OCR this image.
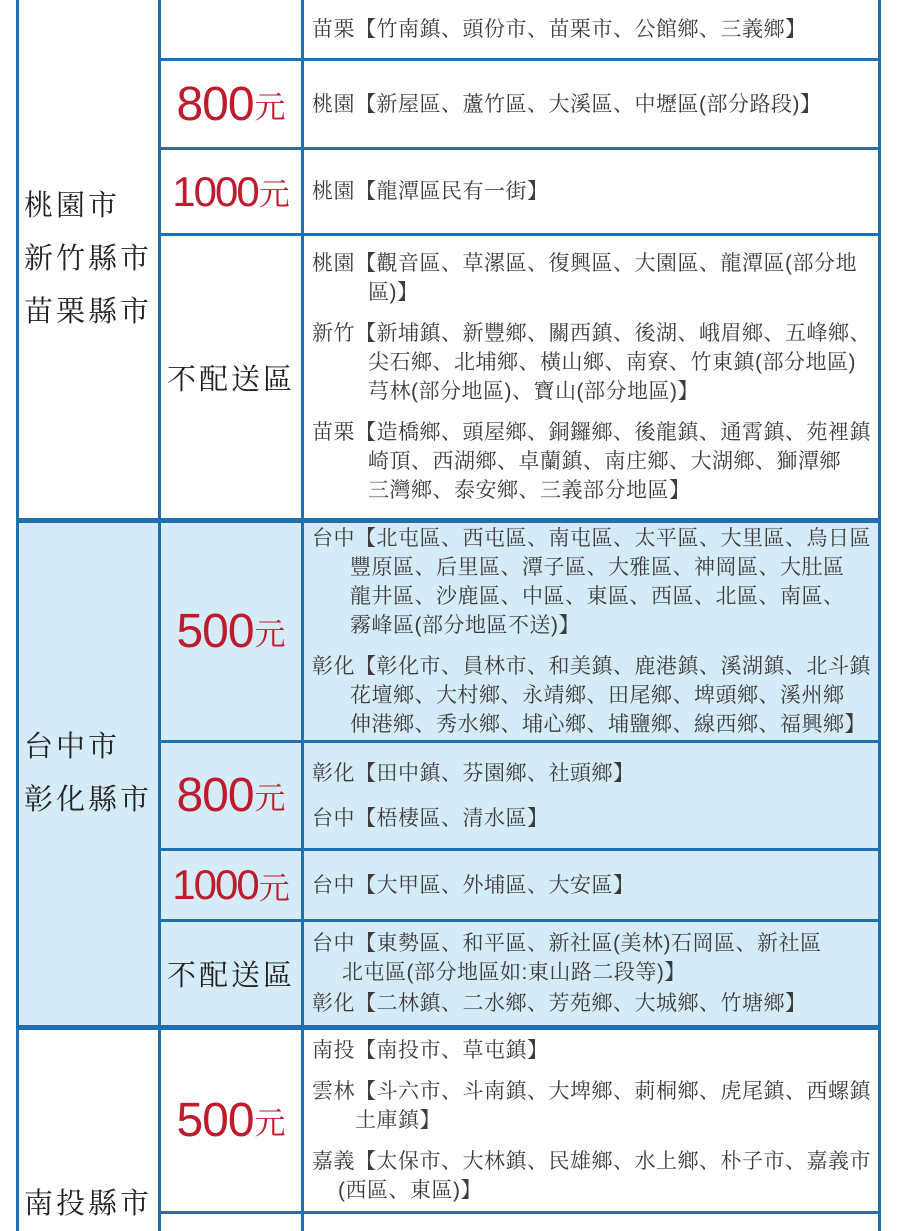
桃園市
新竹縣市
苗栗縣市
苗栗【竹南鎮、頭份市、苗栗市、公館鄉、三義鄉】
800 元 桃園【新屋區、蘆竹區、大溪區、中壢區(部分路段)】
1000 元 桃園【龍潭區民有一街】
不配送區
桃園【觀音區、草漯區、復興區、大園區、龍潭區(部分地
區)】
新竹【新埔鎮、新豐鄉、關西鎮、後湖、峨眉鄉、五峰鄉、
尖石鄉、北埔鄉、橫山鄉、南寮、竹東鎮(部分地區)
芎林(部分地區)、寶山(部分地區)】
苗栗【造橋鄉、頭屋鄉、銅鑼鄉、後龍鎮、通霄鎮、苑裡鎮
崎頂、西湖鄉、卓蘭鎮、南庄鄉、大湖鄉、獅潭鄉
三灣鄉、泰安鄉、三義部分地區】
台中市
彰化縣市
500 元
台中【北屯區、西屯區、南屯區、太平區、大里區、烏日區
豐原區、后里區、潭子區、大雅區、神岡區、大肚區
龍井區、沙鹿區、中區、東區、西區、北區、南區、
霧峰區(部分地區不送)】
彰化【彰化市、員林市、和美鎮、鹿港鎮、溪湖鎮、北斗鎮
花壇鄉、大村鄉、永靖鄉、田尾鄉、埤頭鄉、溪州鄉
伸港鄉、秀水鄉、埔心鄉、埔鹽鄉、線西鄉、福興鄉】
800 元
彰化【田中鎮、芬園鄉、社頭鄉】
台中【梧棲區、清水區】
1000 元 台中【大甲區、外埔區、大安區】
不配送區
台中【東勢區、和平區、新社區(美林)石岡區、新社區
北屯區(部分地區如:東山路二段等)】
彰化【二林鎮、二水鄉、芳苑鄉、大城鄉、竹塘鄉】
南投縣市
500 元
南投【南投市、草屯鎮】
雲林【斗六市、斗南鎮、大埤鄉、莿桐鄉、虎尾鎮、西螺鎮
土庫鎮】
嘉義【太保市、大林鎮、民雄鄉、水上鄉、朴子市、嘉義市
(西區、東區)】
